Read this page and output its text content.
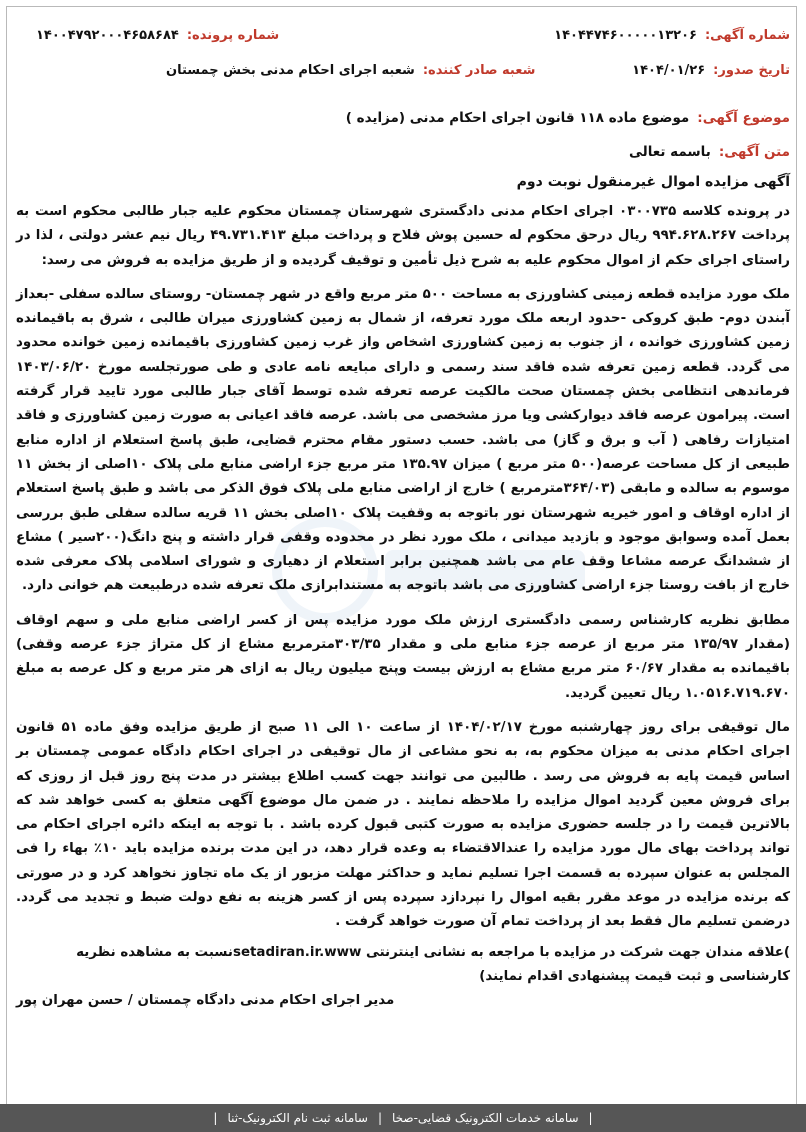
شماره آگهی:
۱۴۰۴۴۷۴۶۰۰۰۰۰۱۳۲۰۶
شماره پرونده:
۱۴۰۰۴۷۹۲۰۰۰۴۶۵۸۶۸۴
تاریخ صدور:
۱۴۰۴/۰۱/۲۶
شعبه صادر کننده:
شعبه اجرای احکام مدنی بخش چمستان
موضوع آگهی:
موضوع ماده ۱۱۸ قانون اجرای احکام مدنی (مزایده )
متن آگهی:
باسمه تعالی
آگهی مزایده اموال غیرمنقول نوبت دوم

در پرونده کلاسه ۰۳۰۰۷۳۵ اجرای احکام مدنی دادگستری شهرستان چمستان محکوم علیه جبار طالبی محکوم است به پرداخت ۹۹۴.۶۲۸.۲۶۷ ریال درحق محکوم له حسین پوش فلاح و پرداخت مبلغ ۴۹.۷۳۱.۴۱۳ ریال نیم عشر دولتی ، لذا در راستای اجرای حکم از اموال محکوم علیه به شرح ذیل تأمین و توقیف گردیده و از طریق مزایده به فروش می رسد:

ملک مورد مزایده قطعه زمینی کشاورزی به مساحت ۵۰۰ متر مربع واقع در شهر چمستان- روستای سالده سفلی -بعداز آبندن دوم- طبق کروکی -حدود اربعه ملک مورد تعرفه، از شمال به زمین کشاورزی میران طالبی ، شرق به باقیمانده زمین کشاورزی خوانده ، از جنوب به زمین کشاورزی اشخاص واز غرب زمین کشاورزی باقیمانده زمین خوانده محدود می گردد. قطعه زمین تعرفه شده فاقد سند رسمی و دارای مبایعه نامه عادی و طی صورتجلسه مورخ ۱۴۰۳/۰۶/۲۰ فرماندهی انتظامی بخش چمستان صحت مالکیت عرصه تعرفه شده توسط آقای جبار طالبی مورد تایید قرار گرفته است. پیرامون عرصه فاقد دیوارکشی ویا مرز مشخصی می باشد. عرصه فاقد اعیانی به صورت زمین کشاورزی و فاقد امتیازات رفاهی ( آب و برق و گاز) می باشد. حسب دستور مقام محترم قضایی، طبق پاسخ استعلام از اداره منابع طبیعی از کل مساحت عرصه(۵۰۰ متر مربع ) میزان ۱۳۵.۹۷ متر مربع جزء اراضی منابع ملی پلاک ۱۰اصلی از بخش ۱۱ موسوم به سالده و مابقی (۳۶۴/۰۳مترمربع ) خارج از اراضی منابع ملی پلاک فوق الذکر می باشد و طبق پاسخ استعلام از اداره اوقاف و امور خیریه شهرستان نور باتوجه به وقفیت پلاک ۱۰اصلی بخش ۱۱ قریه سالده سفلی طبق بررسی بعمل آمده وسوابق موجود و بازدید میدانی ، ملک مورد نظر در محدوده وقفی قرار داشته و پنج دانگ(۲۰۰سیر ) مشاع از ششدانگ عرصه مشاعا وقف عام می باشد همچنین برابر استعلام از دهیاری و شورای اسلامی پلاک معرفی شده خارج از بافت روستا جزء اراضی کشاورزی می باشد باتوجه به مستندابرازی ملک تعرفه شده درطبیعت هم خوانی دارد.

مطابق نظریه کارشناس رسمی دادگستری ارزش ملک مورد مزایده پس از کسر اراضی منابع ملی و سهم اوقاف (مقدار ۱۳۵/۹۷ متر مربع از عرصه جزء منابع ملی و مقدار ۳۰۳/۳۵مترمربع مشاع از کل متراژ جزء عرصه وقفی) باقیمانده به مقدار ۶۰/۶۷ متر مربع مشاع به ارزش بیست وپنج میلیون ریال به ازای هر متر مربع و کل عرصه به مبلغ ۱.۰۵۱۶.۷۱۹.۶۷۰ ریال تعیین گردید.

مال توقیفی برای روز چهارشنبه مورخ ۱۴۰۴/۰۲/۱۷ از ساعت ۱۰ الی ۱۱ صبح از طریق مزایده وفق ماده ۵۱ قانون اجرای احکام مدنی به میزان محکوم به، به نحو مشاعی از مال توقیفی در اجرای احکام دادگاه عمومی چمستان بر اساس قیمت پایه به فروش می رسد . طالبین می توانند جهت کسب اطلاع بیشتر در مدت پنج روز قبل از روزی که برای فروش معین گردید اموال مزایده را ملاحظه نمایند . در ضمن مال موضوع آگهی متعلق به کسی خواهد شد که بالاترین قیمت را در جلسه حضوری مزایده به صورت کتبی قبول کرده باشد . با توجه به اینکه دائره اجرای احکام می تواند پرداخت بهای مال مورد مزایده را عندالاقتضاء به وعده قرار دهد، در این مدت برنده مزایده باید ۱۰٪ بهاء را فی المجلس به عنوان سپرده به قسمت اجرا تسلیم نماید و حداکثر مهلت مزبور از یک ماه تجاوز نخواهد کرد و در صورتی که برنده مزایده در موعد مقرر بقیه اموال را نپردازد سپرده پس از کسر هزینه به نفع دولت ضبط و تجدید می گردد. درضمن تسلیم مال فقط بعد از پرداخت تمام آن صورت خواهد گرفت .

)علاقه مندان جهت شرکت در مزایده با مراجعه به نشانی اینترنتی setadiran.ir.wwwنسبت به مشاهده نظریه کارشناسی و ثبت قیمت پیشنهادی اقدام نمایند)
مدیر اجرای احکام مدنی دادگاه چمستان / حسن مهران پور
|
سامانه خدمات الکترونیک قضایی-صخا
|
سامانه ثبت نام الکترونیک-ثنا
|
